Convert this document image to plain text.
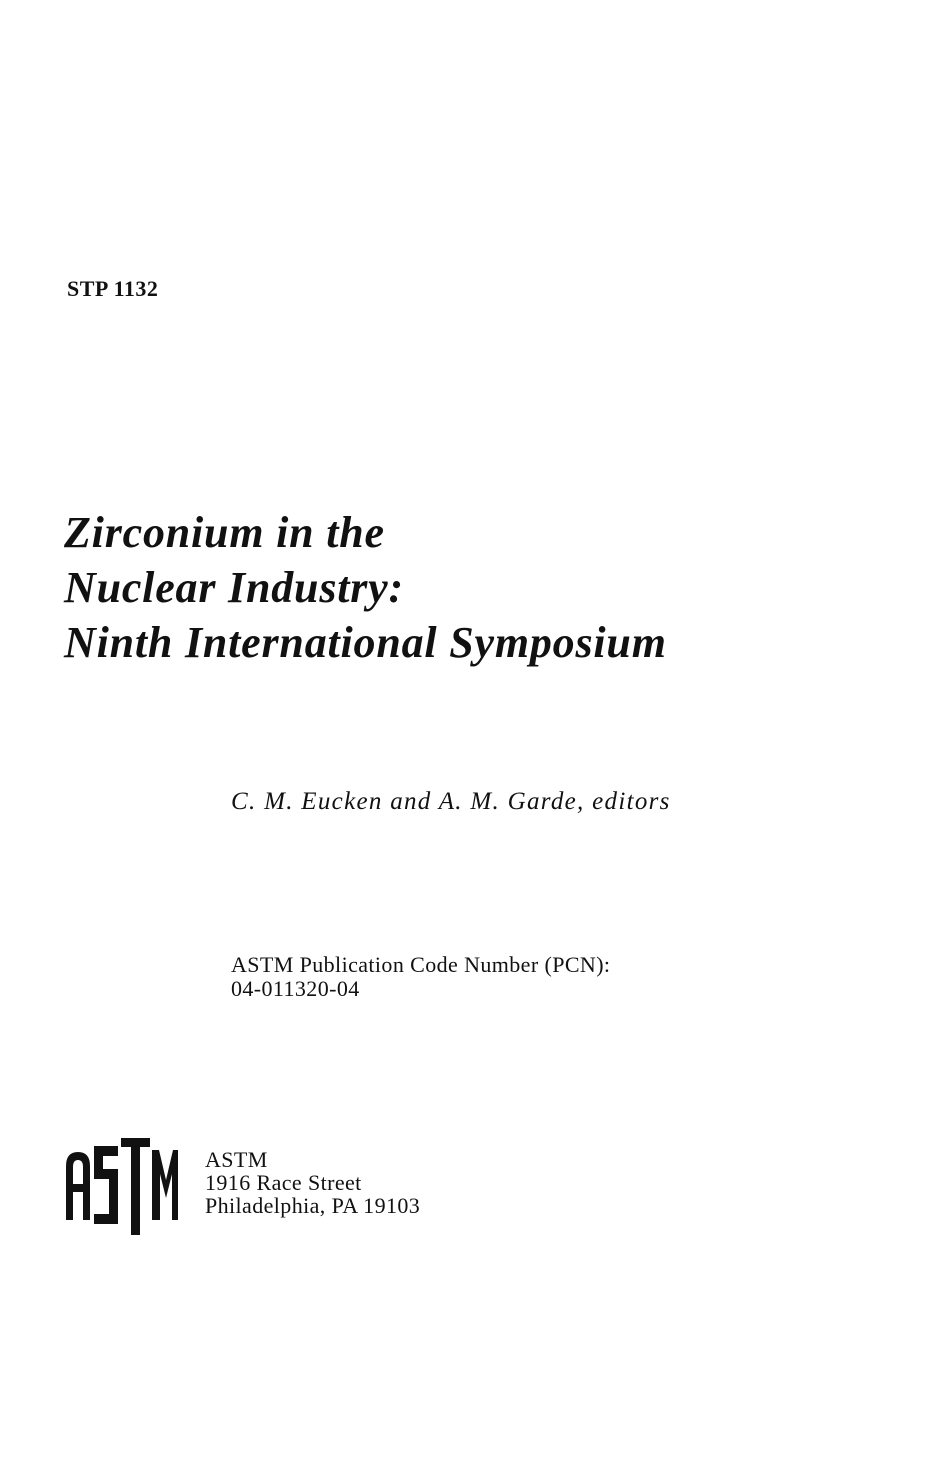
STP 1132
Zirconium in the
Nuclear Industry:
Ninth International Symposium
C. M. Eucken and A. M. Garde, editors
ASTM Publication Code Number (PCN):
04-011320-04
ASTM
1916 Race Street
Philadelphia, PA 19103
